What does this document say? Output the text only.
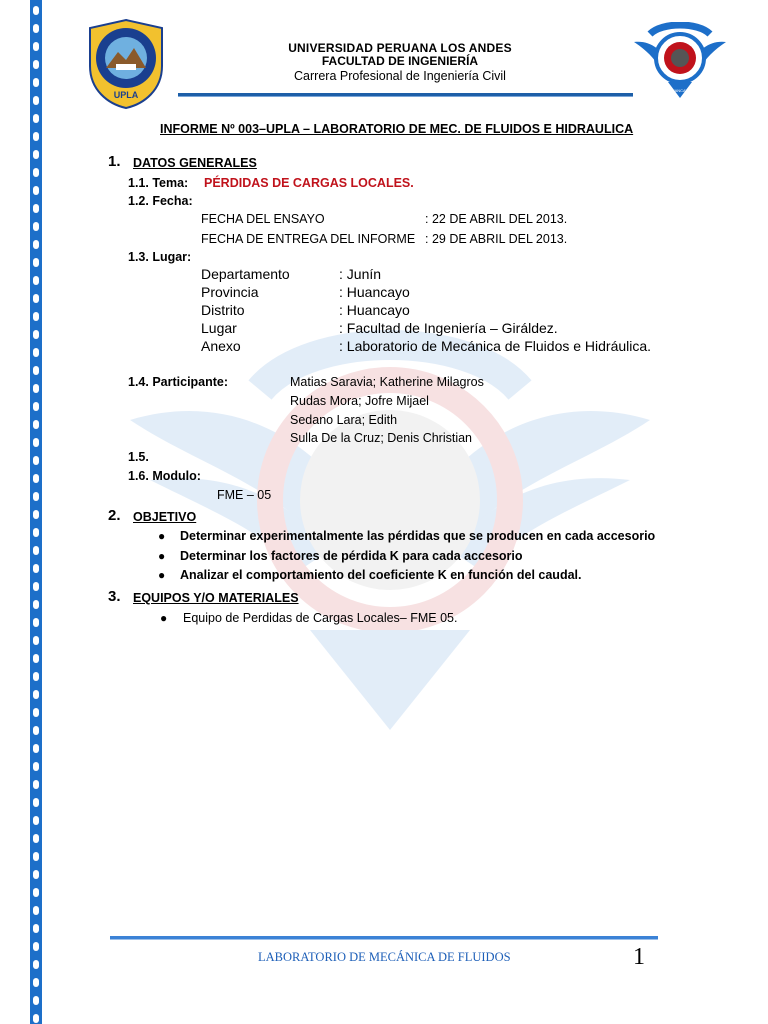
UPLA	HUANCAYO
UNIVERSIDAD PERUANA LOS ANDES
FACULTAD DE INGENIERÍA
Carrera Profesional de Ingeniería Civil
INFORME Nº 003–UPLA – LABORATORIO DE MEC. DE FLUIDOS E HIDRAULICA
1. DATOS GENERALES
1.1. Tema: PÉRDIDAS DE CARGAS LOCALES.
1.2. Fecha:
FECHA DEL ENSAYO	: 22 DE ABRIL DEL 2013.
FECHA DE ENTREGA DEL INFORME : 29 DE ABRIL DEL 2013.
1.3. Lugar:
Departamento	: Junín
Provincia	: Huancayo
Distrito	: Huancayo
Lugar	: Facultad de Ingeniería – Giráldez.
Anexo	: Laboratorio de Mecánica de Fluidos e Hidráulica.
1.4. Participante:	Matias Saravia; Katherine Milagros
Rudas Mora; Jofre Mijael
Sedano Lara; Edith
Sulla De la Cruz; Denis Christian
1.5.
1.6. Modulo:
FME – 05
2. OBJETIVO
● Determinar experimentalmente las pérdidas que se producen en cada accesorio
● Determinar los factores de pérdida K para cada accesorio
● Analizar el comportamiento del coeficiente K en función del caudal.
3. EQUIPOS Y/O MATERIALES
● Equipo de Perdidas de Cargas Locales– FME 05.
LABORATORIO DE MECÁNICA DE FLUIDOS	1
